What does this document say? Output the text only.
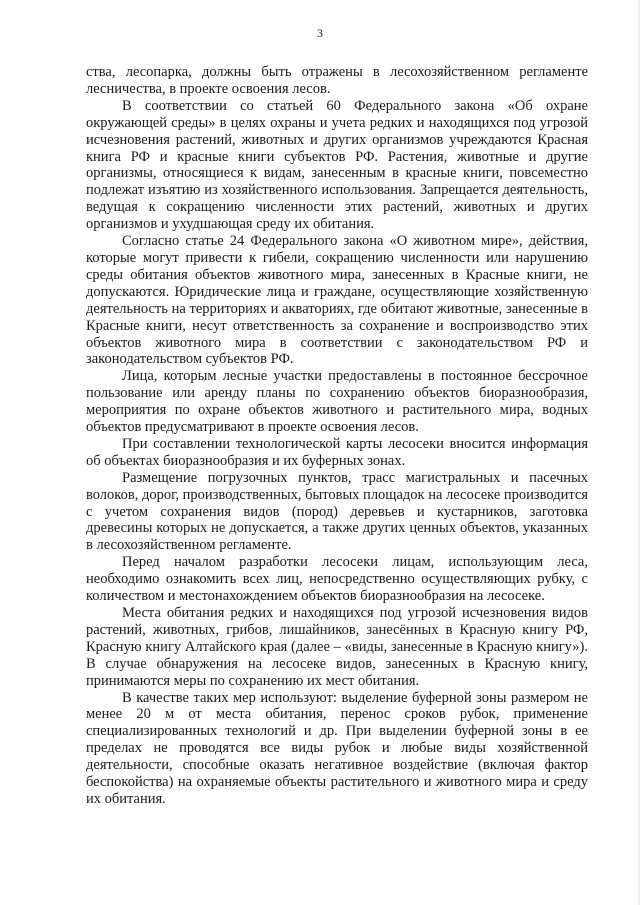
3

ства, лесопарка, должны быть отражены в лесохозяйственном регламенте лесничества, в проекте освоения лесов.

В соответствии со статьей 60 Федерального закона «Об охране окружающей среды» в целях охраны и учета редких и находящихся под угрозой исчезновения растений, животных и других организмов учреждаются Красная книга РФ и красные книги субъектов РФ. Растения, животные и другие организмы, относящиеся к видам, занесенным в красные книги, повсеместно подлежат изъятию из хозяйственного использования. Запрещается деятельность, ведущая к сокращению численности этих растений, животных и других организмов и ухудшающая среду их обитания.

Согласно статье 24 Федерального закона «О животном мире», действия, которые могут привести к гибели, сокращению численности или нарушению среды обитания объектов животного мира, занесенных в Красные книги, не допускаются. Юридические лица и граждане, осуществляющие хозяйственную деятельность на территориях и акваториях, где обитают животные, занесенные в Красные книги, несут ответственность за сохранение и воспроизводство этих объектов животного мира в соответствии с законодательством РФ и законодательством субъектов РФ.

Лица, которым лесные участки предоставлены в постоянное бессрочное пользование или аренду планы по сохранению объектов биоразнообразия, мероприятия по охране объектов животного и растительного мира, водных объектов предусматривают в проекте освоения лесов.

При составлении технологической карты лесосеки вносится информация об объектах биоразнообразия и их буферных зонах.

Размещение погрузочных пунктов, трасс магистральных и пасечных волоков, дорог, производственных, бытовых площадок на лесосеке производится с учетом сохранения видов (пород) деревьев и кустарников, заготовка древесины которых не допускается, а также других ценных объектов, указанных в лесохозяйственном регламенте.

Перед началом разработки лесосеки лицам, использующим леса, необходимо ознакомить всех лиц, непосредственно осуществляющих рубку, с количеством и местонахождением объектов биоразнообразия на лесосеке.

Места обитания редких и находящихся под угрозой исчезновения видов растений, животных, грибов, лишайников, занесённых в Красную книгу РФ, Красную книгу Алтайского края (далее – «виды, занесенные в Красную книгу»). В случае обнаружения на лесосеке видов, занесенных в Красную книгу, принимаются меры по сохранению их мест обитания.

В качестве таких мер используют: выделение буферной зоны размером не менее 20 м от места обитания, перенос сроков рубок, применение специализированных технологий и др. При выделении буферной зоны в ее пределах не проводятся все виды рубок и любые виды хозяйственной деятельности, способные оказать негативное воздействие (включая фактор беспокойства) на охраняемые объекты растительного и животного мира и среду их обитания.
